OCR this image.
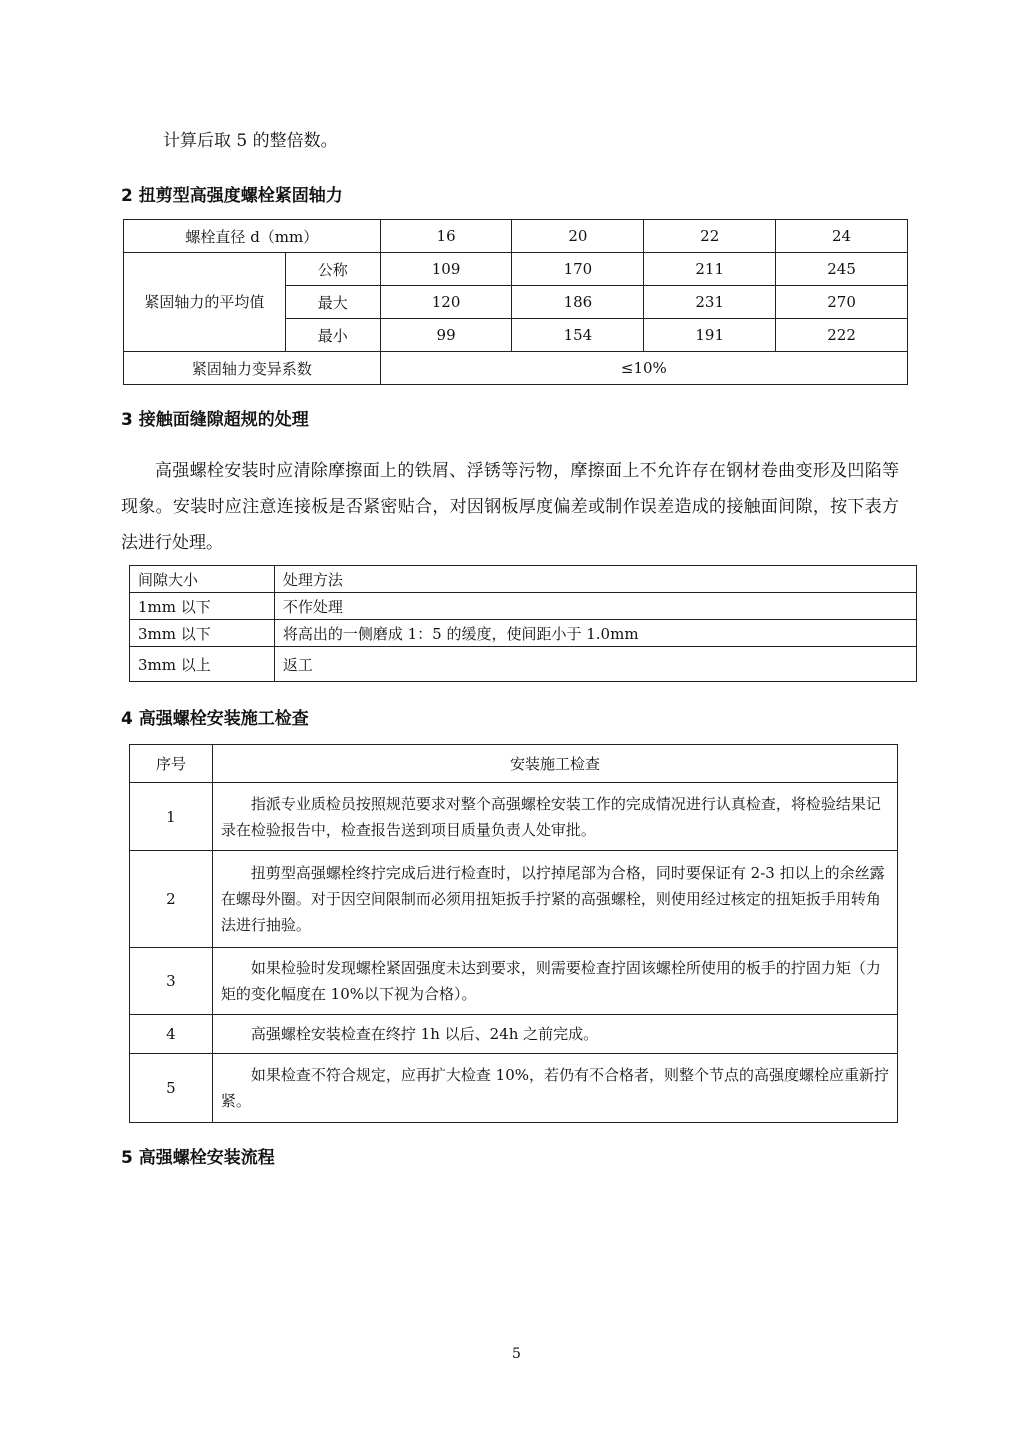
计算后取 5 的整倍数。
2 扭剪型高强度螺栓紧固轴力
螺栓直径 d（mm）		16	20	22	24
紧固轴力的平均值	公称	109	170	211	245
	最大	120	186	231	270
	最小	99	154	191	222
紧固轴力变异系数		≤10%			
3 接触面缝隙超规的处理
高强螺栓安装时应清除摩擦面上的铁屑、浮锈等污物，摩擦面上不允许存在钢材卷曲变形及凹陷等现象。安装时应注意连接板是否紧密贴合，对因钢板厚度偏差或制作误差造成的接触面间隙，按下表方法进行处理。
间隙大小	处理方法
1mm 以下	不作处理
3mm 以下	将高出的一侧磨成 1：5 的缓度，使间距小于 1.0mm
3mm 以上	返工
4 高强螺栓安装施工检查
序号	安装施工检查
1	指派专业质检员按照规范要求对整个高强螺栓安装工作的完成情况进行认真检查，将检验结果记录在检验报告中，检查报告送到项目质量负责人处审批。
2	扭剪型高强螺栓终拧完成后进行检查时，以拧掉尾部为合格，同时要保证有 2-3 扣以上的余丝露在螺母外圈。对于因空间限制而必须用扭矩扳手拧紧的高强螺栓，则使用经过核定的扭矩扳手用转角法进行抽验。
3	如果检验时发现螺栓紧固强度未达到要求，则需要检查拧固该螺栓所使用的板手的拧固力矩（力矩的变化幅度在 10%以下视为合格）。
4	高强螺栓安装检查在终拧 1h 以后、24h 之前完成。
5	如果检查不符合规定，应再扩大检查 10%，若仍有不合格者，则整个节点的高强度螺栓应重新拧紧。
5 高强螺栓安装流程
5
